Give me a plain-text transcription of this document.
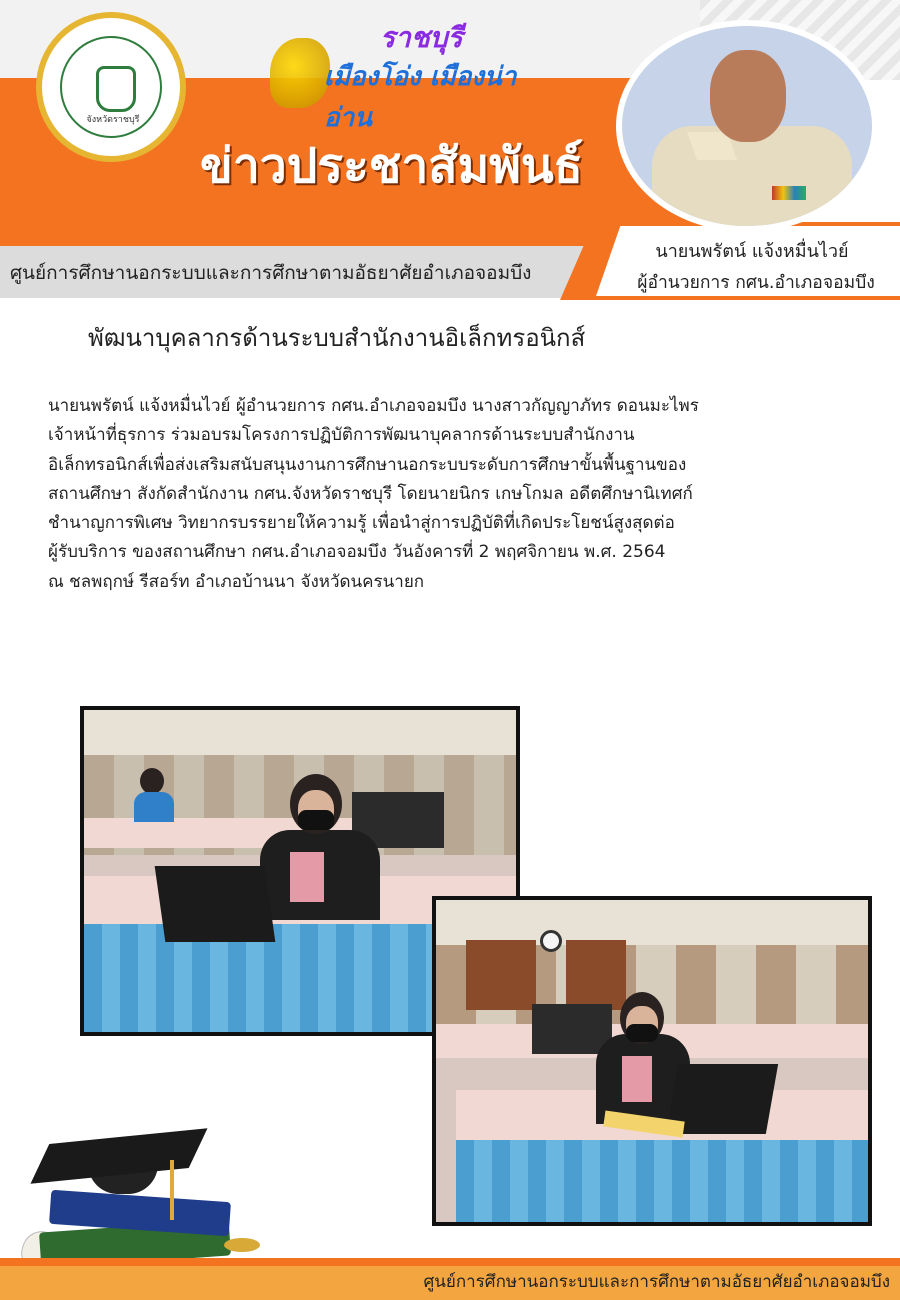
จังหวัดราชบุรี
ราชบุรี
เมืองโอ่ง เมืองน่าอ่าน
ข่าวประชาสัมพันธ์
ศูนย์การศึกษานอกระบบและการศึกษาตามอัธยาศัยอำเภอจอมบึง
นายนพรัตน์ แจ้งหมื่นไวย์
ผู้อำนวยการ กศน.อำเภอจอมบึง
พัฒนาบุคลากรด้านระบบสำนักงานอิเล็กทรอนิกส์
นายนพรัตน์ แจ้งหมื่นไวย์ ผู้อำนวยการ กศน.อำเภอจอมบึง นางสาวกัญญาภัทร ดอนมะไพร
เจ้าหน้าที่ธุรการ ร่วมอบรมโครงการปฏิบัติการพัฒนาบุคลากรด้านระบบสำนักงาน
อิเล็กทรอนิกส์เพื่อส่งเสริมสนับสนุนงานการศึกษานอกระบบระดับการศึกษาขั้นพื้นฐานของ
สถานศึกษา สังกัดสำนักงาน กศน.จังหวัดราชบุรี โดยนายนิกร เกษโกมล อดีตศึกษานิเทศก์
ชำนาญการพิเศษ วิทยากรบรรยายให้ความรู้ เพื่อนำสู่การปฏิบัติที่เกิดประโยชน์สูงสุดต่อ
ผู้รับบริการ ของสถานศึกษา กศน.อำเภอจอมบึง วันอังคารที่ 2 พฤศจิกายน พ.ศ. 2564
ณ ชลพฤกษ์ รีสอร์ท อำเภอบ้านนา จังหวัดนครนายก
ศูนย์การศึกษานอกระบบและการศึกษาตามอัธยาศัยอำเภอจอมบึง
